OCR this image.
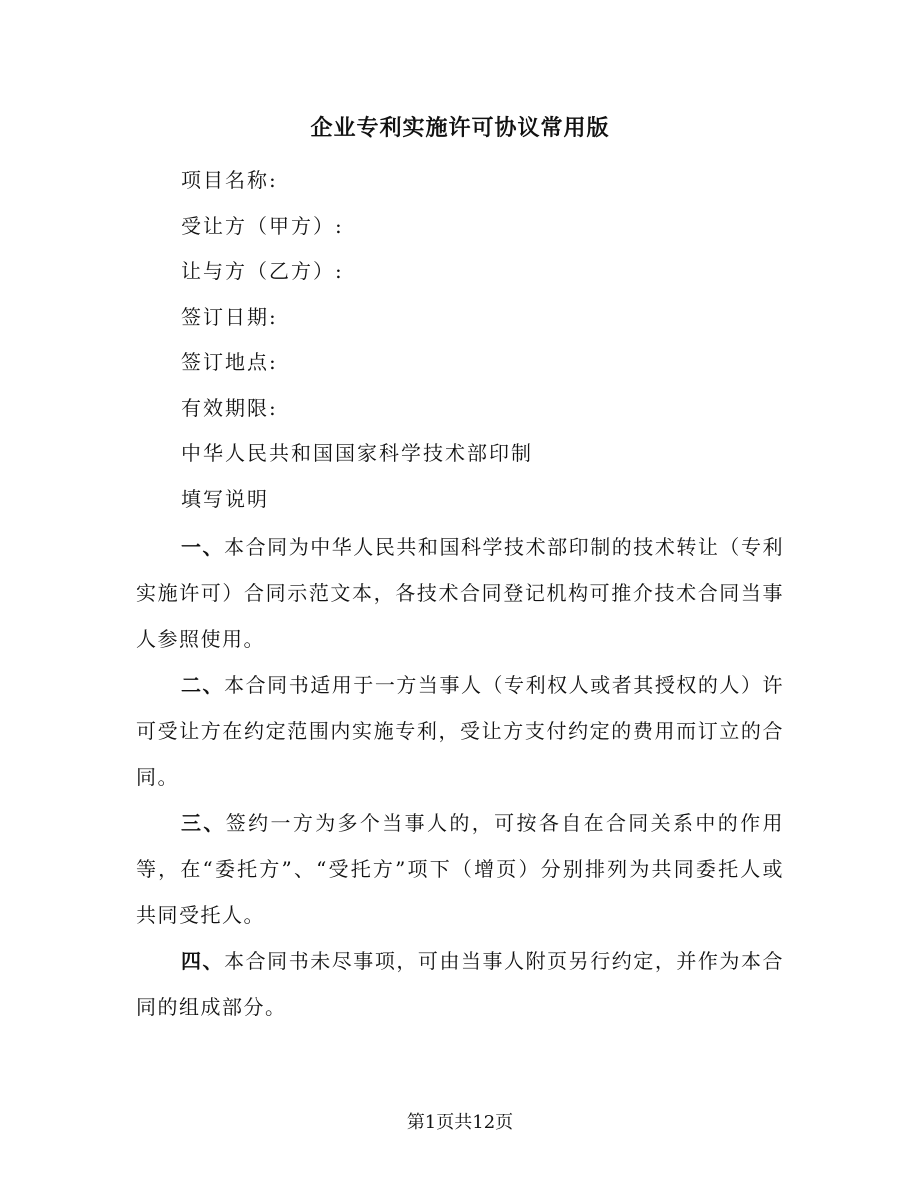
企业专利实施许可协议常用版
项目名称:
受让方（甲方）:
让与方（乙方）:
签订日期:
签订地点:
有效期限:
中华人民共和国国家科学技术部印制
填写说明
一、本合同为中华人民共和国科学技术部印制的技术转让（专利实施许可）合同示范文本，各技术合同登记机构可推介技术合同当事人参照使用。
二、本合同书适用于一方当事人（专利权人或者其授权的人）许可受让方在约定范围内实施专利，受让方支付约定的费用而订立的合同。
三、签约一方为多个当事人的，可按各自在合同关系中的作用等，在“委托方”、“受托方”项下（增页）分别排列为共同委托人或共同受托人。
四、本合同书未尽事项，可由当事人附页另行约定，并作为本合同的组成部分。
第1页共12页
